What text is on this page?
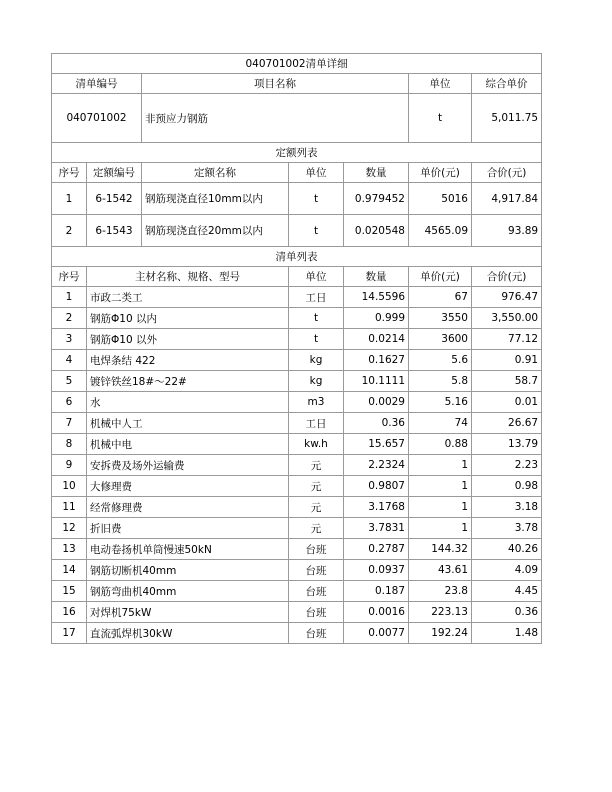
040701002清单详细						
清单编号		项目名称			单位	综合单价
040701002		非预应力钢筋			t	5,011.75
定额列表						
序号	定额编号	定额名称	单位	数量	单价(元)	合价(元)
1	6-1542	钢筋现浇直径10mm以内	t	0.979452	5016	4,917.84
2	6-1543	钢筋现浇直径20mm以内	t	0.020548	4565.09	93.89
清单列表						
序号	主材名称、规格、型号		单位	数量	单价(元)	合价(元)
1	市政二类工		工日	14.5596	67	976.47
2	钢筋Φ10 以内		t	0.999	3550	3,550.00
3	钢筋Φ10 以外		t	0.0214	3600	77.12
4	电焊条结 422		kg	0.1627	5.6	0.91
5	镀锌铁丝18#～22#		kg	10.1111	5.8	58.7
6	水		m3	0.0029	5.16	0.01
7	机械中人工		工日	0.36	74	26.67
8	机械中电		kw.h	15.657	0.88	13.79
9	安拆费及场外运输费		元	2.2324	1	2.23
10	大修理费		元	0.9807	1	0.98
11	经常修理费		元	3.1768	1	3.18
12	折旧费		元	3.7831	1	3.78
13	电动卷扬机单筒慢速50kN		台班	0.2787	144.32	40.26
14	钢筋切断机40mm		台班	0.0937	43.61	4.09
15	钢筋弯曲机40mm		台班	0.187	23.8	4.45
16	对焊机75kW		台班	0.0016	223.13	0.36
17	直流弧焊机30kW		台班	0.0077	192.24	1.48
